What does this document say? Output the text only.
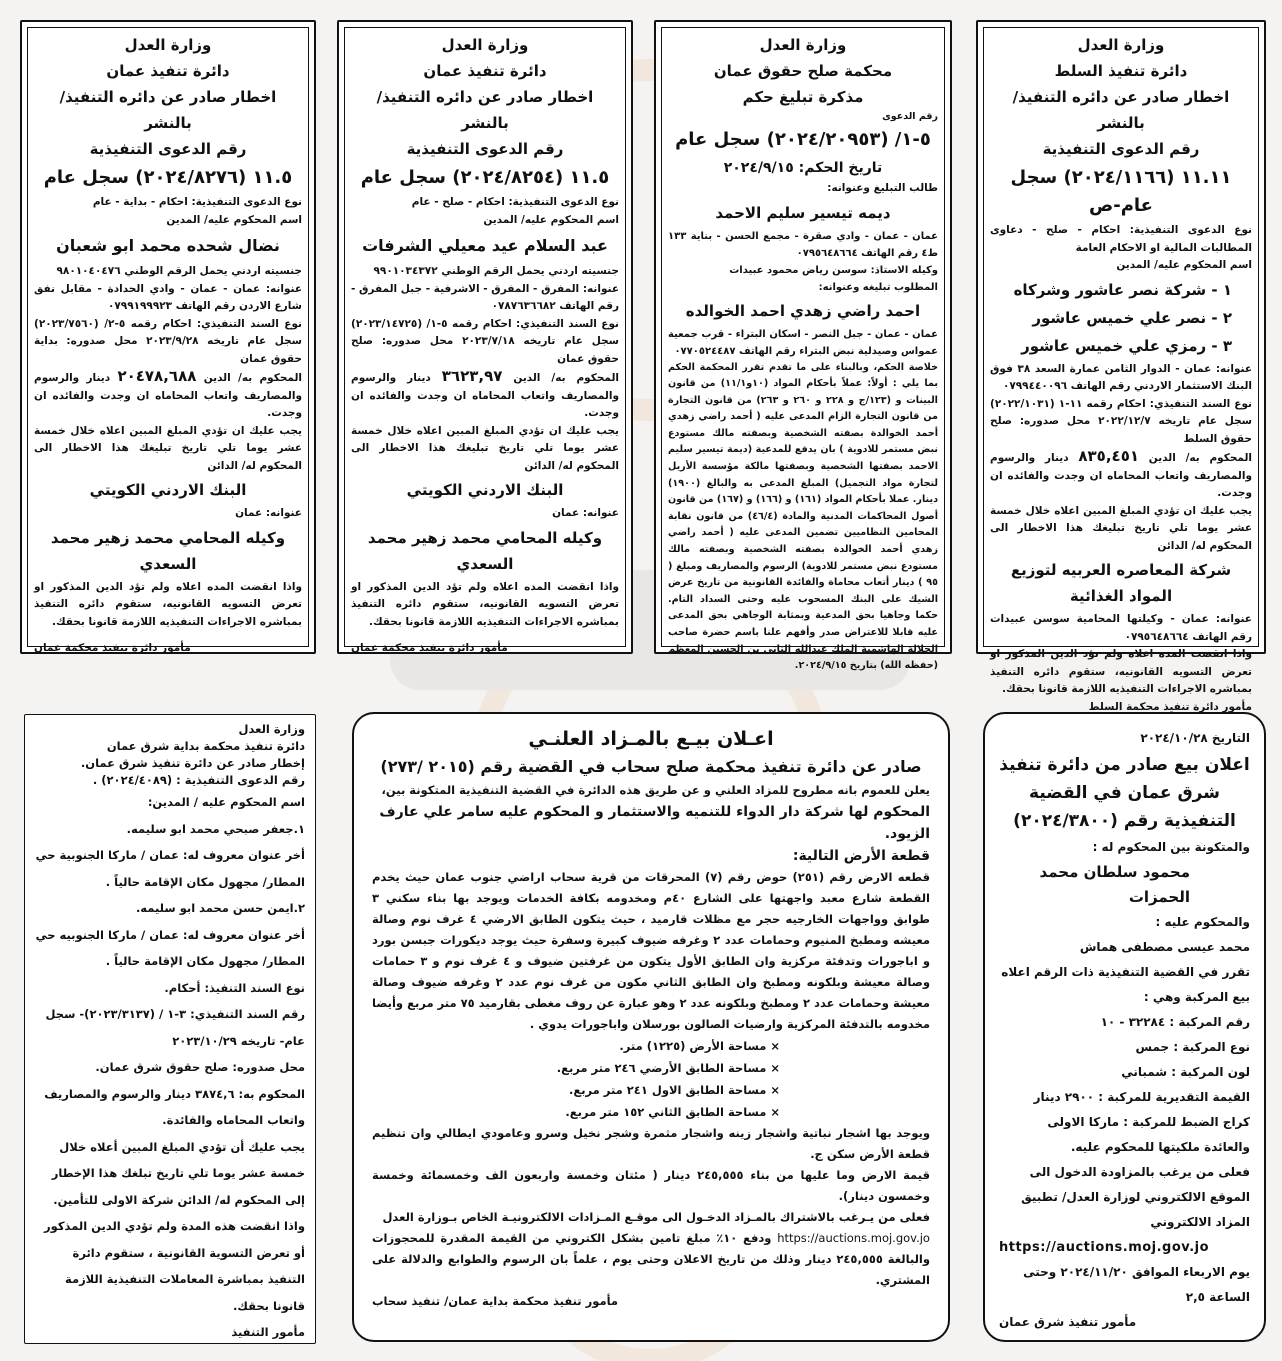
وزارة العدل

دائرة تنفيذ السلط

اخطار صادر عن دائره التنفيذ/ بالنشر

رقم الدعوى التنفيذية

١١.١١ (٢٠٢٤/١١٦٦) سجل عام-ص

نوع الدعوى التنفيذية: احكام - صلح - دعاوى المطالبات المالية او الاحكام العامة

اسم المحكوم عليه/ المدين

١ - شركة نصر عاشور وشركاه

٢ - نصر علي خميس عاشور

٣ - رمزي علي خميس عاشور

عنوانه: عمان - الدوار الثامن عمارة السعد ٣٨ فوق البنك الاستثمار الاردني رقم الهاتف ٠٧٩٩٤٤٠٠٩٦

نوع السند التنفيذي: احكام رقمه ١١-١ (٢٠٢٢/١٠٣١) سجل عام تاريخه ٢٠٢٢/١٢/٧ محل صدوره: صلح حقوق السلط

المحكوم به/ الدين ٨٣٥,٤٥١ دينار والرسوم والمصاريف واتعاب المحاماه ان وجدت والفائده ان وجدت.

يجب عليك ان تؤدي المبلغ المبين اعلاه خلال خمسة عشر يوما تلي تاريخ تبليغك هذا الاخطار الى المحكوم له/ الدائن

شركة المعاصره العربيه لتوزيع المواد الغذائية

عنوانه: عمان - وكيلتها المحامية سوسن عبيدات رقم الهاتف ٠٧٩٥٦٤٨٦٦٤

واذا انقضت المده اعلاه ولم تؤد الدين المذكور او تعرض التسويه القانونيه، ستقوم دائره التنفيذ بمباشره الاجراءات التنفيذيه اللازمة قانونا بحقك.

مأمور دائرة تنفيذ محكمة السلط

وزارة العدل

محكمة صلح حقوق عمان

مذكرة تبليغ حكم

رقم الدعوى

٥-١/ (٢٠٢٤/٢٠٩٥٣) سجل عام

تاريخ الحكم: ٢٠٢٤/٩/١٥

طالب التبليغ وعنوانه:

ديمه تيسير سليم الاحمد

عمان - عمان - وادي صقرة - مجمع الحسن - بناية ١٣٣ ط٤ رقم الهاتف ٠٧٩٥٦٤٨٦٦٤

وكيله الاستاذ: سوسن رياض محمود عبيدات

المطلوب تبليغه وعنوانه:

احمد راضي زهدي احمد الخوالده

عمان - عمان - جبل النصر - اسكان البتراء - قرب جمعية عمواس وصيدلية نبض البتراء رقم الهاتف ٠٧٧٠٥٢٤٤٨٧

خلاصة الحكم، وبالبناء على ما تقدم تقرر المحكمة الحكم بما يلي : أولاً: عملاً بأحكام المواد (١٠و١١/١) من قانون البينات و (١٢٣/ج و ٢٢٨ و ٢٦٠ و ٢٦٣) من قانون التجارة من قانون التجارة الزام المدعى عليه ( أحمد راضي زهدي أحمد الخوالدة بصفته الشخصية وبصفته مالك مستودع نبض مستمر للادوية ) بان يدفع للمدعية (ديمة تيسير سليم الاحمد بصفتها الشخصية وبصفتها مالكة مؤسسة الأريل لتجارة مواد التجميل) المبلغ المدعى به والبالغ (١٩٠٠) دينار. عملا بأحكام المواد (١٦١) و (١٦٦) و (١٦٧) من قانون أصول المحاكمات المدنية والمادة (٤٦/٤) من قانون نقابة المحامين النظاميين تضمين المدعى عليه ( أحمد راضي زهدي أحمد الخوالدة بصفته الشخصية وبصفته مالك مستودع نبض مستمر للادوية) الرسوم والمصاريف ومبلغ ( ٩٥ ) دينار أتعاب محاماة والفائدة القانونية من تاريخ عرض الشيك على البنك المسحوب عليه وحتى السداد التام. حكما وجاهيا بحق المدعية وبمثابة الوجاهي بحق المدعى عليه قابلا للاعتراض صدر وأفهم علنا باسم حضرة صاحب الجلالة الهاشمية الملك عبدالله الثاني بن الحسين المعظم (حفظه الله) بتاريخ ٢٠٢٤/٩/١٥.

وزارة العدل

دائرة تنفيذ عمان

اخطار صادر عن دائره التنفيذ/ بالنشر

رقم الدعوى التنفيذية

١١.٥ (٢٠٢٤/٨٢٥٤) سجل عام

نوع الدعوى التنفيذية: احكام - صلح - عام

اسم المحكوم عليه/ المدين

عبد السلام عيد معيلي الشرفات

جنسيته اردني يحمل الرقم الوطني ٩٩٠١٠٣٤٣٧٢

عنوانه: المفرق - المفرق - الاشرفية - جبل المفرق - رقم الهاتف ٠٧٨٧٦٣٦٦٨٢

نوع السند التنفيذي: احكام رقمه ٥-١/ (٢٠٢٣/١٤٧٢٥) سجل عام تاريخه ٢٠٢٣/٧/١٨ محل صدوره: صلح حقوق عمان

المحكوم به/ الدين ٣٦٢٣,٩٧ دينار والرسوم والمصاريف واتعاب المحاماه ان وجدت والفائده ان وجدت.

يجب عليك ان تؤدي المبلغ المبين اعلاه خلال خمسة عشر يوما تلي تاريخ تبليغك هذا الاخطار الى المحكوم له/ الدائن

البنك الاردني الكويتي

عنوانه: عمان

وكيله المحامي محمد زهير محمد السعدي

واذا انقضت المده اعلاه ولم تؤد الدين المذكور او تعرض التسويه القانونيه، ستقوم دائره التنفيذ بمباشره الاجراءات التنفيذيه اللازمة قانونا بحقك.

مأمور دائرة تنفيذ محكمة عمان

وزارة العدل

دائرة تنفيذ عمان

اخطار صادر عن دائره التنفيذ/ بالنشر

رقم الدعوى التنفيذية

١١.٥ (٢٠٢٤/٨٢٧٦) سجل عام

نوع الدعوى التنفيذية: احكام - بداية - عام

اسم المحكوم عليه/ المدين

نضال شحده محمد ابو شعبان

جنسيته اردني يحمل الرقم الوطني ٩٨٠١٠٤٠٤٧٦

عنوانه: عمان - عمان - وادي الحدادة - مقابل نفق شارع الاردن رقم الهاتف ٠٧٩٩١٩٩٩٢٣

نوع السند التنفيذي: احكام رقمه ٥-٢/ (٢٠٢٣/٧٥٦٠) سجل عام تاريخه ٢٠٢٣/٩/٢٨ محل صدوره: بداية حقوق عمان

المحكوم به/ الدين ٢٠٤٧٨,٦٨٨ دينار والرسوم والمصاريف واتعاب المحاماه ان وجدت والفائده ان وجدت.

يجب عليك ان تؤدي المبلغ المبين اعلاه خلال خمسة عشر يوما تلي تاريخ تبليغك هذا الاخطار الى المحكوم له/ الدائن

البنك الاردني الكويتي

عنوانه: عمان

وكيله المحامي محمد زهير محمد السعدي

واذا انقضت المده اعلاه ولم تؤد الدين المذكور او تعرض التسويه القانونيه، ستقوم دائره التنفيذ بمباشره الاجراءات التنفيذيه اللازمة قانونا بحقك.

مأمور دائرة تنفيذ محكمة عمان

التاريخ ٢٠٢٤/١٠/٢٨

اعلان بيع صادر من دائرة تنفيذ شرق عمان في القضية التنفيذية رقم (٢٠٢٤/٣٨٠٠)

والمتكونة بين المحكوم له :

محمود سلطان محمد الحمزات

والمحكوم عليه :

محمد عيسى مصطفى هماش

تقرر في القضية التنفيذية ذات الرقم اعلاه بيع المركبة وهي :

رقم المركبة : ٣٢٢٨٤ - ١٠

نوع المركبة : جمس

لون المركبة : شمباني

القيمة التقديرية للمركبة : ٢٩٠٠ دينار

كراج الضبط للمركبة : ماركا الاولى

والعائدة ملكيتها للمحكوم عليه.

فعلى من يرغب بالمزاودة الدخول الى الموقع الالكتروني لوزارة العدل/ تطبيق المزاد الالكتروني

https://auctions.moj.gov.jo

يوم الاربعاء الموافق ٢٠٢٤/١١/٢٠ وحتى الساعة ٢,٥

مأمور تنفيذ شرق عمان

اعـلان بيـع بالمـزاد العلنـي

صادر عن دائرة تنفيذ محكمة صلح سحاب في القضية رقم (٢٠١٥ /٢٧٣)

يعلن للعموم بانه مطروح للمزاد العلني و عن طريق هذه الدائرة في القضية التنفيذية المتكونة بين،

المحكوم لها شركة دار الدواء للتنميه والاستثمار و المحكوم عليه سامر علي عارف الزيود.

قطعة الأرض التالية:

قطعه الارض رقم (٢٥١) حوض رقم (٧) المحرقات من قرية سحاب اراضي جنوب عمان حيث يخدم القطعة شارع معبد واجهتها على الشارع ٤٠م ومخدومه بكافة الخدمات ويوجد بها بناء سكني ٣ طوابق وواجهات الخارجيه حجر مع مظلات قارميد ، حيث يتكون الطابق الارضي ٤ غرف نوم وصالة معيشه ومطبخ المنيوم وحمامات عدد ٢ وغرفه ضيوف كبيرة وسفرة حيث يوجد ديكورات جبسن بورد و اباجورات وتدفئة مركزية وان الطابق الأول يتكون من غرفتين ضيوف و ٤ غرف نوم و ٣ حمامات وصالة معيشة وبلكونه ومطبخ وان الطابق الثاني مكون من غرف نوم عدد ٢ وغرفه ضيوف وصالة معيشة وحمامات عدد ٢ ومطبخ وبلكونه عدد ٢ وهو عبارة عن روف مغطى بقارميد ٧٥ متر مربع وأيضا مخدومه بالتدفئة المركزية وارضيات الصالون بورسلان واباجورات يدوي .

× مساحة الأرض (١٢٢٥) متر.

× مساحة الطابق الأرضي ٢٤٦ متر مربع.

× مساحة الطابق الاول ٢٤١ متر مربع.

× مساحة الطابق الثاني ١٥٢ متر مربع.

ويوجد بها اشجار نباتية واشجار زينه واشجار مثمرة وشجر نخيل وسرو وعامودي ايطالي وان تنظيم قطعة الأرض سكن ج.

قيمة الارض وما عليها من بناء ٢٤٥,٥٥٥ دينار ( مئتان وخمسة واربعون الف وخمسمائة وخمسة وخمسون دينار).

فعلى من يـرغب بالاشتراك بالمـزاد الدخـول الى موقـع المـزادات الالكترونيـة الخاص بـوزارة العدل

https://auctions.moj.gov.jo ودفع ١٠٪ مبلغ تامين بشكل الكتروني من القيمة المقدرة للمحجوزات والبالغة ٢٤٥,٥٥٥ دينار وذلك من تاريخ الاعلان وحتى يوم ، علماً بان الرسوم والطوابع والدلالة على المشتري.

مأمور تنفيذ محكمة بداية عمان/ تنفيذ سحاب

وزارة العدل

دائرة تنفيذ محكمة بداية شرق عمان

إخطار صادر عن دائرة تنفيذ شرق عمان.

رقم الدعوى التنفيذية : (٢٠٢٤/٤٠٨٩) .

اسم المحكوم عليه / المدين:

١.جعفر صبحي محمد ابو سليمه.

أخر عنوان معروف له: عمان / ماركا الجنوبية حي المطار/ مجهول مكان الإقامة حالياً .

٢.ايمن حسن محمد ابو سليمه.

أخر عنوان معروف له: عمان / ماركا الجنوبيه حي المطار/ مجهول مكان الإقامة حالياً .

نوع السند التنفيذ: أحكام.

رقم السند التنفيذي: ٣-١ / (٢٠٢٣/٣١٣٧)- سجل عام- تاريخه ٢٠٢٣/١٠/٢٩

محل صدوره: صلح حقوق شرق عمان.

المحكوم به: ٣٨٧٤,٦ دينار والرسوم والمصاريف واتعاب المحاماه والفائدة.

يجب عليك أن تؤدي المبلغ المبين أعلاه خلال خمسة عشر يوما تلي تاريخ تبلغك هذا الإخطار إلى المحكوم له/ الدائن شركة الاولى للتأمين.

واذا انقضت هذه المدة ولم تؤدي الدين المذكور أو تعرض التسوية القانونية ، ستقوم دائرة التنفيذ بمباشرة المعاملات التنفيذية اللازمة قانونا بحقك.

مأمور التنفيذ
